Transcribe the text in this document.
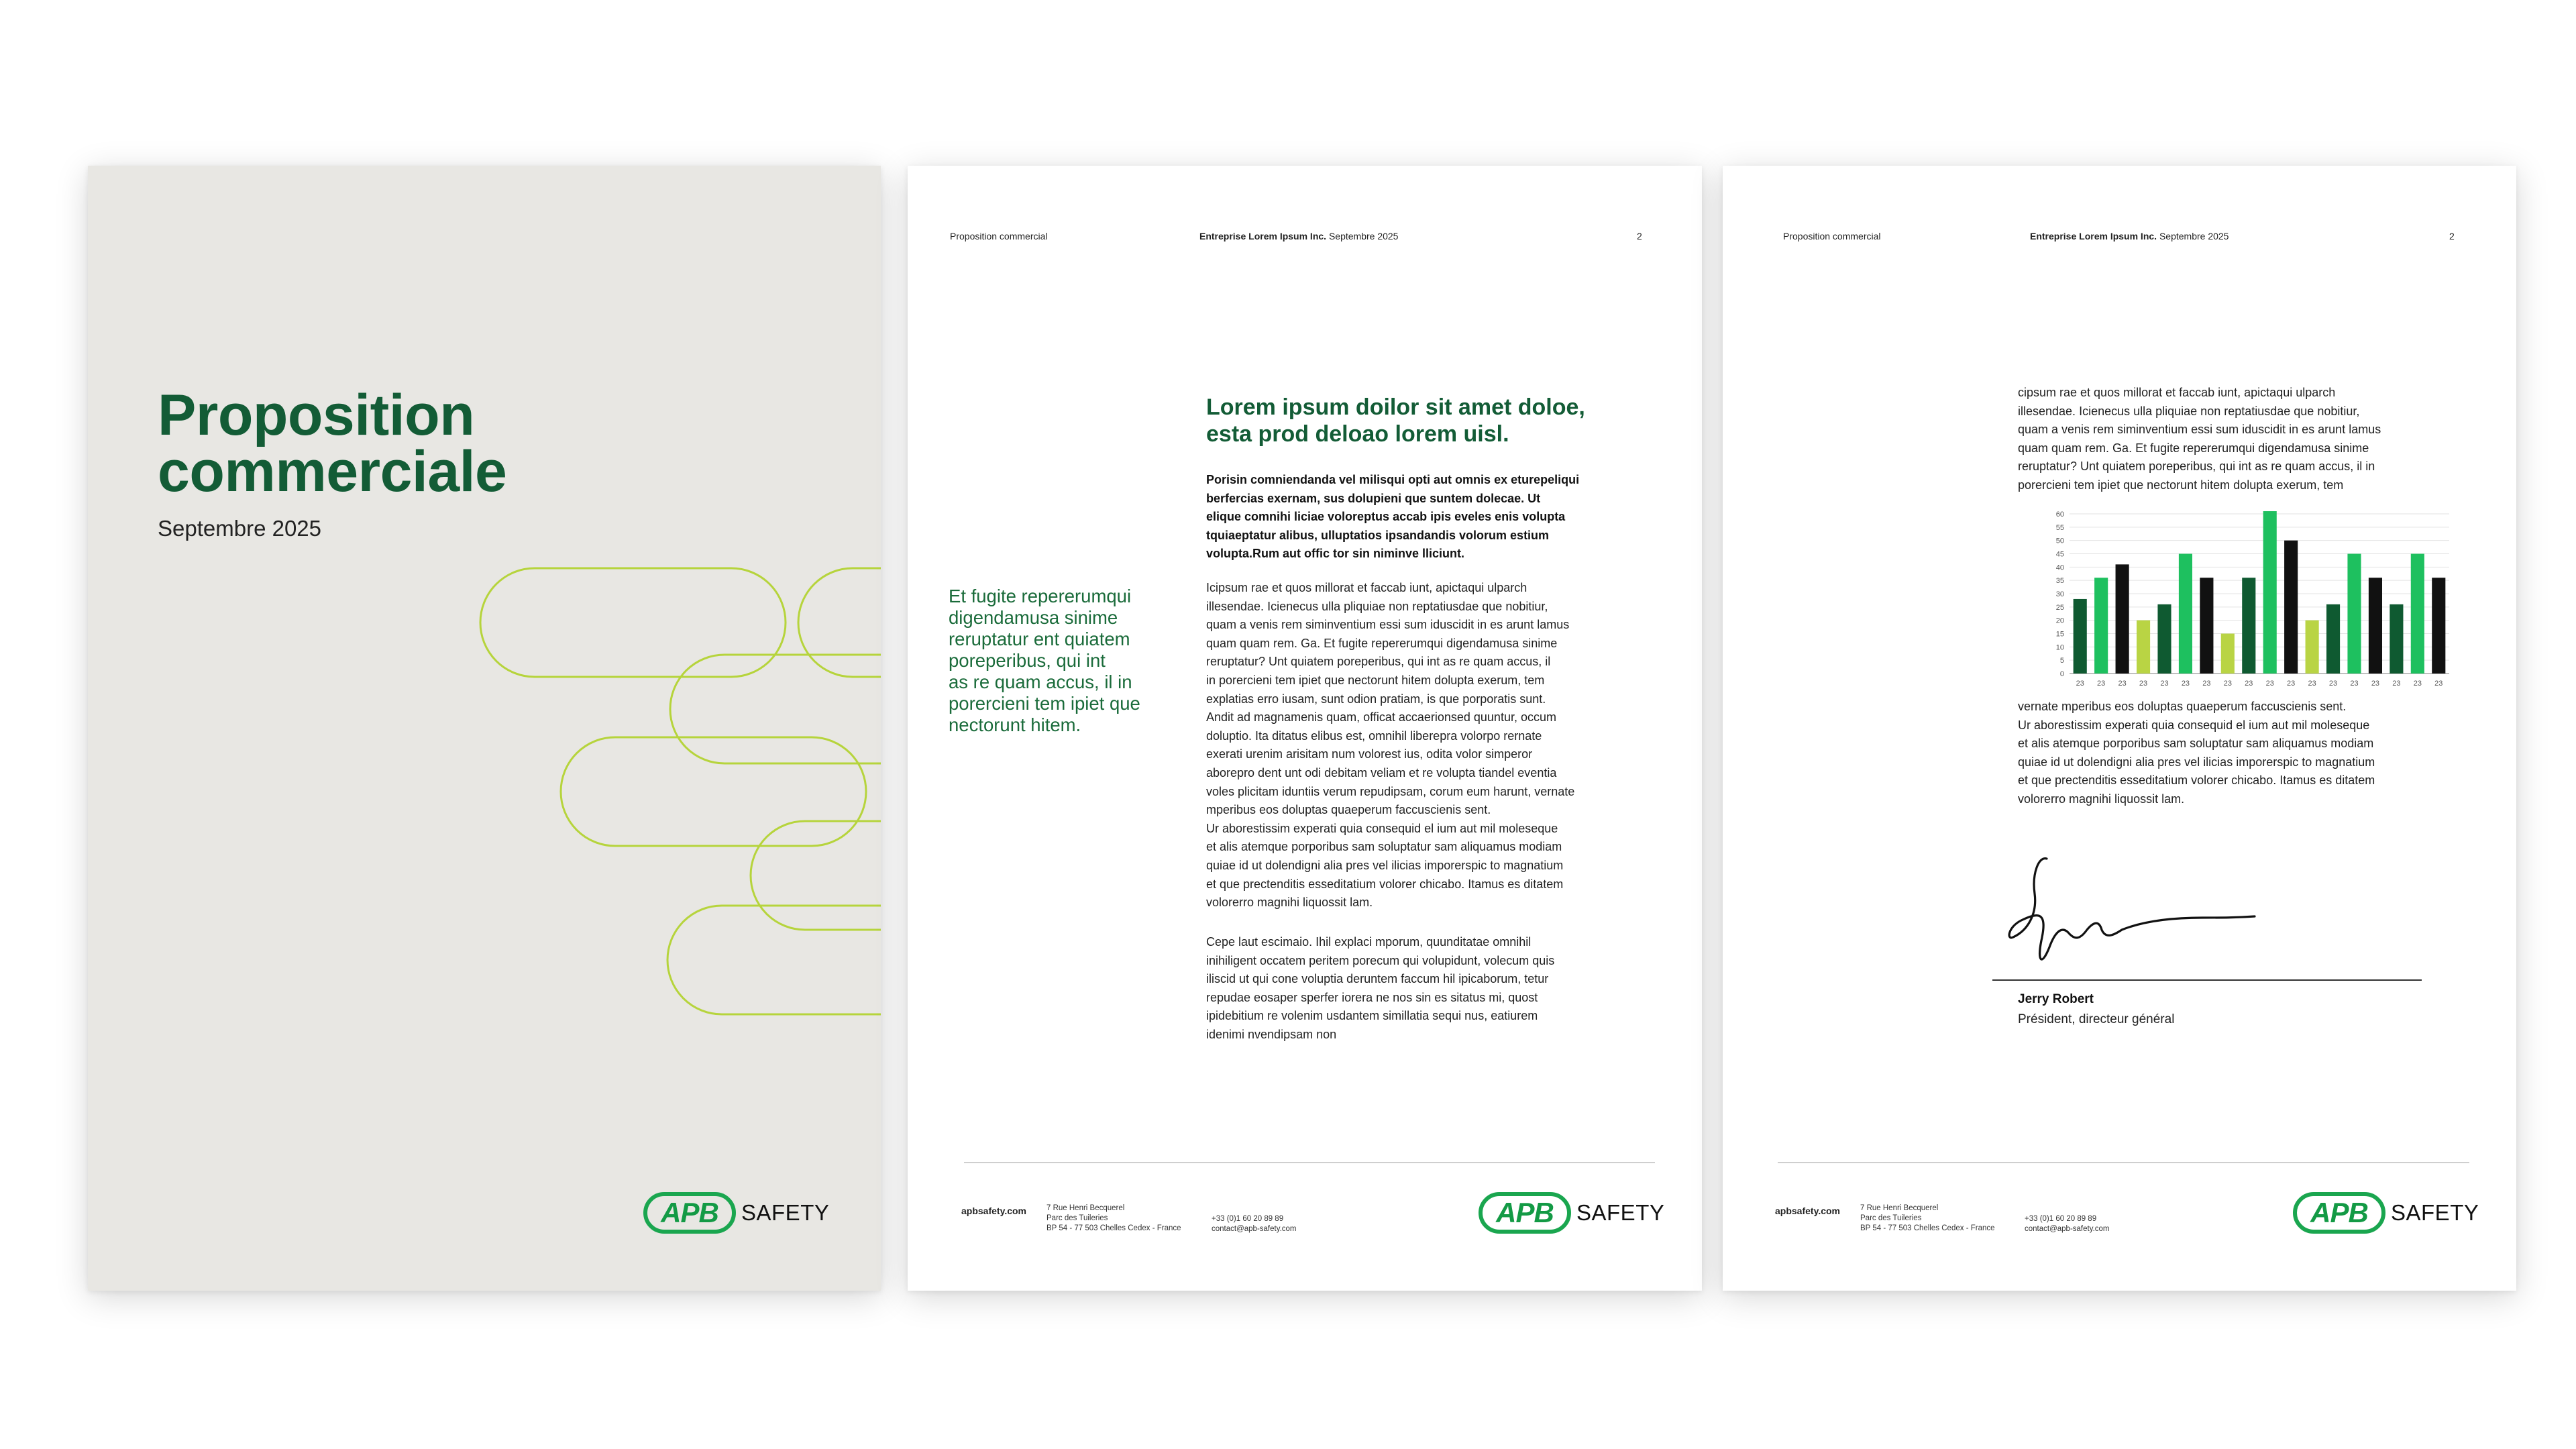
Proposition
commerciale
Septembre 2025
APB	SAFETY
Proposition commercial	Entreprise Lorem Ipsum Inc. Septembre 2025	2
Lorem ipsum doilor sit amet doloe,
esta prod deloao lorem uisl.

Porisin comniendanda vel milisqui opti aut omnis ex eturepeliqui
berfercias exernam, sus dolupieni que suntem dolecae. Ut
elique comnihi liciae voloreptus accab ipis eveles enis volupta
tquiaeptatur alibus, ulluptatios ipsandandis volorum estium
volupta.Rum aut offic tor sin niminve lliciunt.

Et fugite repererumqui
digendamusa sinime
reruptatur ent quiatem
poreperibus, qui int
as re quam accus, il in
porercieni tem ipiet que
nectorunt hitem.

Icipsum rae et quos millorat et faccab iunt, apictaqui ulparch
illesendae. Icienecus ulla pliquiae non reptatiusdae que nobitiur,
quam a venis rem siminventium essi sum iduscidit in es arunt lamus
quam quam rem. Ga. Et fugite repererumqui digendamusa sinime
reruptatur? Unt quiatem poreperibus, qui int as re quam accus, il
in porercieni tem ipiet que nectorunt hitem dolupta exerum, tem
explatias erro iusam, sunt odion pratiam, is que porporatis sunt.
Andit ad magnamenis quam, officat accaerionsed quuntur, occum
doluptio. Ita ditatus elibus est, omnihil liberepra volorpo rernate
exerati urenim arisitam num volorest ius, odita volor simperor
aborepro dent unt odi debitam veliam et re volupta tiandel eventia
voles plicitam iduntiis verum repudipsam, corum eum harunt, vernate
mperibus eos doluptas quaeperum faccuscienis sent.
Ur aborestissim experati quia consequid el ium aut mil moleseque
et alis atemque porporibus sam soluptatur sam aliquamus modiam
quiae id ut dolendigni alia pres vel ilicias imporerspic to magnatium
et que prectenditis esseditatium volorer chicabo. Itamus es ditatem
volorerro magnihi liquossit lam.

Cepe laut escimaio. Ihil explaci mporum, quunditatae omnihil
inihiligent occatem peritem porecum qui volupidunt, volecum quis
iliscid ut qui cone voluptia deruntem faccum hil ipicaborum, tetur
repudae eosaper sperfer iorera ne nos sin es sitatus mi, quost
ipidebitium re volenim usdantem simillatia sequi nus, eatiurem
idenimi nvendipsam non

apbsafety.com	7 Rue Henri Becquerel
Parc des Tuileries
BP 54 - 77 503 Chelles Cedex - France
+33 (0)1 60 20 89 89
contact@apb-safety.com
APB	SAFETY
Proposition commercial	Entreprise Lorem Ipsum Inc. Septembre 2025	2

cipsum rae et quos millorat et faccab iunt, apictaqui ulparch
illesendae. Icienecus ulla pliquiae non reptatiusdae que nobitiur,
quam a venis rem siminventium essi sum iduscidit in es arunt lamus
quam quam rem. Ga. Et fugite repererumqui digendamusa sinime
reruptatur? Unt quiatem poreperibus, qui int as re quam accus, il in
porercieni tem ipiet que nectorunt hitem dolupta exerum, tem

0
5
10
15
20
25
30
35
40
45
50
55
60
23 23 23 23 23 23 23 23 23 23 23 23 23 23 23 23 23 23

vernate mperibus eos doluptas quaeperum faccuscienis sent.
Ur aborestissim experati quia consequid el ium aut mil moleseque
et alis atemque porporibus sam soluptatur sam aliquamus modiam
quiae id ut dolendigni alia pres vel ilicias imporerspic to magnatium
et que prectenditis esseditatium volorer chicabo. Itamus es ditatem
volorerro magnihi liquossit lam.

Jerry Robert
Président, directeur général
apbsafety.com	7 Rue Henri Becquerel
Parc des Tuileries
BP 54 - 77 503 Chelles Cedex - France
+33 (0)1 60 20 89 89
contact@apb-safety.com
APB	SAFETY
